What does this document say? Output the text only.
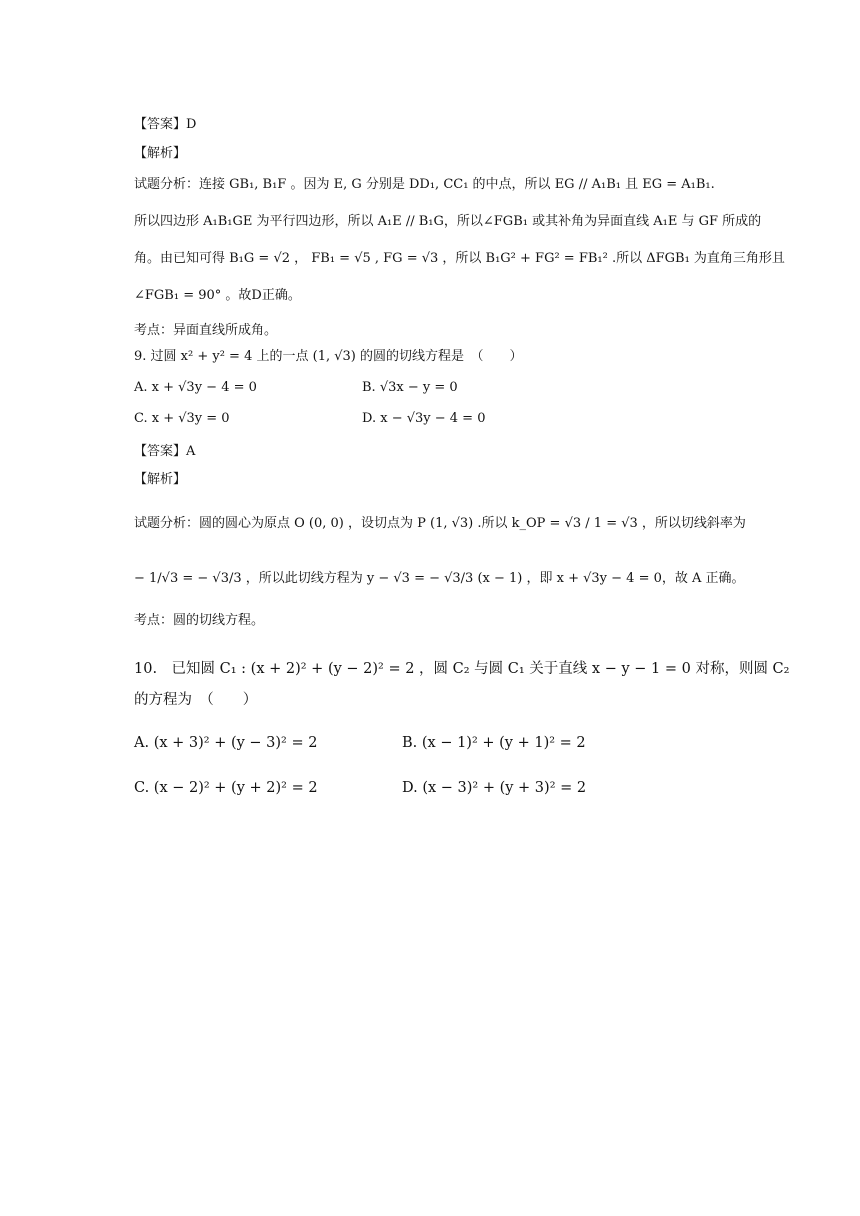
【答案】D
【解析】
试题分析：连接 GB₁, B₁F 。因为 E, G 分别是 DD₁, CC₁ 的中点，所以 EG // A₁B₁ 且 EG = A₁B₁.
所以四边形 A₁B₁GE 为平行四边形，所以 A₁E // B₁G，所以∠FGB₁ 或其补角为异面直线 A₁E 与 GF 所成的
角。由已知可得 B₁G = √2 ， FB₁ = √5 , FG = √3 ，所以 B₁G² + FG² = FB₁² .所以 ΔFGB₁ 为直角三角形且
∠FGB₁ = 90° 。故D正确。
考点：异面直线所成角。
9. 过圆 x² + y² = 4 上的一点 (1, √3) 的圆的切线方程是　（　　）
A. x + √3y − 4 = 0	B. √3x − y = 0
C. x + √3y = 0	D. x − √3y − 4 = 0
【答案】A
【解析】
试题分析：圆的圆心为原点 O (0, 0) ，设切点为 P (1, √3) .所以 k_OP = √3 / 1 = √3 ，所以切线斜率为
− 1/√3 = − √3/3 ，所以此切线方程为 y − √3 = − √3/3 (x − 1) ，即 x + √3y − 4 = 0，故 A 正确。
考点：圆的切线方程。
10.　已知圆 C₁ : (x + 2)² + (y − 2)² = 2 ，圆 C₂ 与圆 C₁ 关于直线 x − y − 1 = 0 对称，则圆 C₂
的方程为　（　　）
A. (x + 3)² + (y − 3)² = 2	B. (x − 1)² + (y + 1)² = 2
C. (x − 2)² + (y + 2)² = 2	D. (x − 3)² + (y + 3)² = 2
